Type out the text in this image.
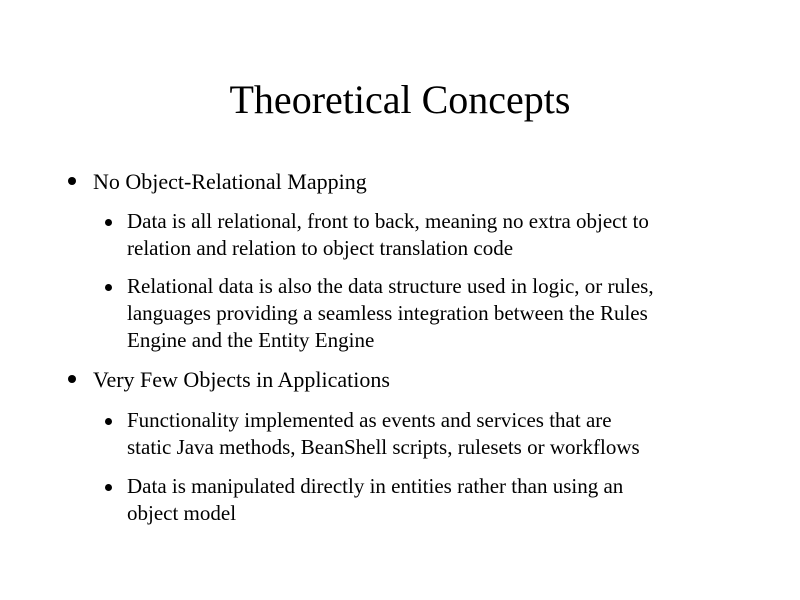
Theoretical Concepts
No Object-Relational Mapping
Data is all relational, front to back, meaning no extra object to
relation and relation to object translation code
Relational data is also the data structure used in logic, or rules,
languages providing a seamless integration between the Rules
Engine and the Entity Engine
Very Few Objects in Applications
Functionality implemented as events and services that are
static Java methods, BeanShell scripts, rulesets or workflows
Data is manipulated directly in entities rather than using an
object model
